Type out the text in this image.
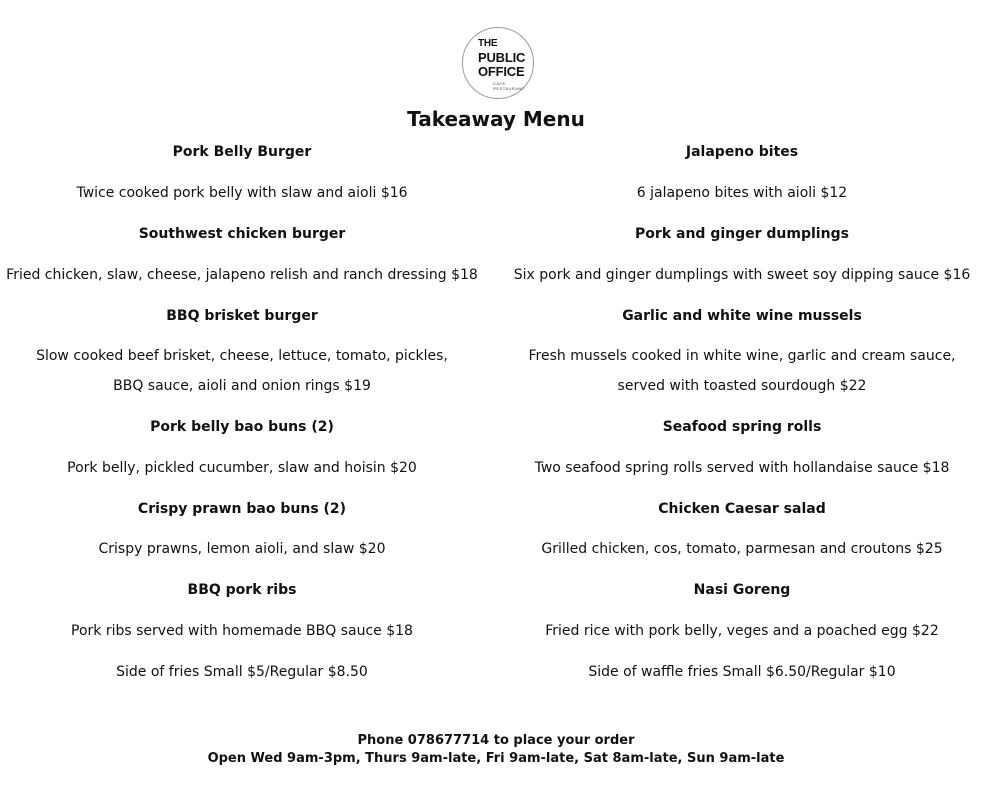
THE
PUBLIC
OFFICE
CAFE
RESTAURANT
Takeaway Menu
Pork Belly Burger
Twice cooked pork belly with slaw and aioli $16
Southwest chicken burger
Fried chicken, slaw, cheese, jalapeno relish and ranch dressing $18
BBQ brisket burger
Slow cooked beef brisket, cheese, lettuce, tomato, pickles, BBQ sauce, aioli and onion rings $19
Pork belly bao buns (2)
Pork belly, pickled cucumber, slaw and hoisin $20
Crispy prawn bao buns (2)
Crispy prawns, lemon aioli, and slaw $20
BBQ pork ribs
Pork ribs served with homemade BBQ sauce $18
Side of fries Small $5/Regular $8.50
Jalapeno bites
6 jalapeno bites with aioli $12
Pork and ginger dumplings
Six pork and ginger dumplings with sweet soy dipping sauce $16
Garlic and white wine mussels
Fresh mussels cooked in white wine, garlic and cream sauce, served with toasted sourdough $22
Seafood spring rolls
Two seafood spring rolls served with hollandaise sauce $18
Chicken Caesar salad
Grilled chicken, cos, tomato, parmesan and croutons $25
Nasi Goreng
Fried rice with pork belly, veges and a poached egg $22
Side of waffle fries Small $6.50/Regular $10
Phone 078677714 to place your order
Open Wed 9am-3pm, Thurs 9am-late, Fri 9am-late, Sat 8am-late, Sun 9am-late
